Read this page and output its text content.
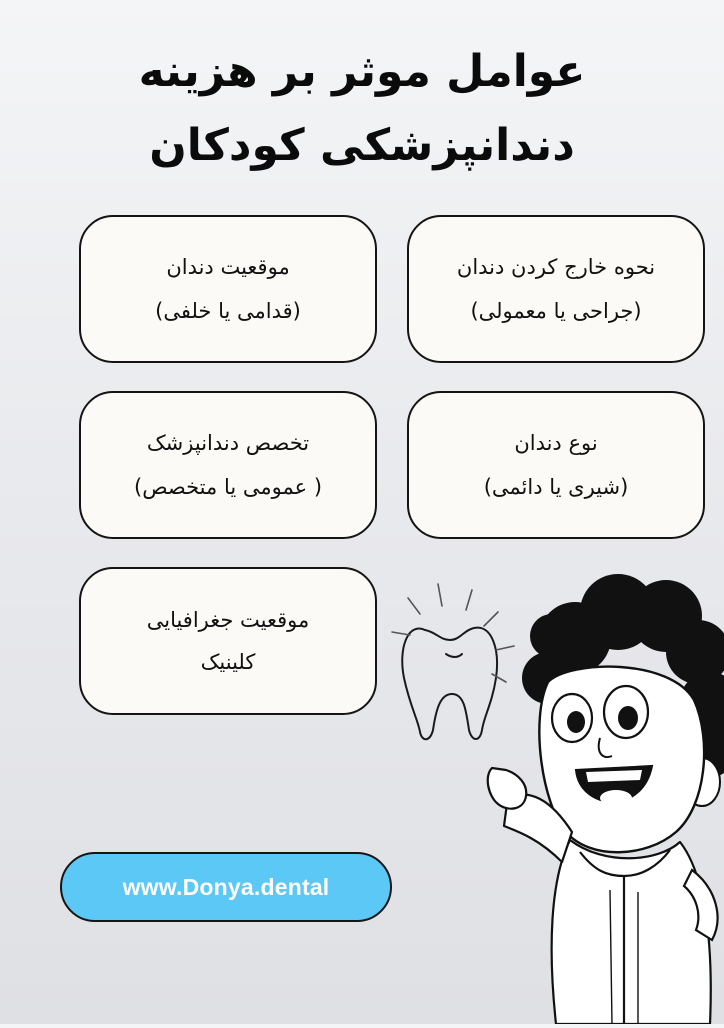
عوامل موثر بر هزینه
دندانپزشکی کودکان
موقعیت دندان
(قدامی یا خلفی)
نحوه خارج کردن دندان
(جراحی یا معمولی)
تخصص دندانپزشک
( عمومی یا متخصص)
نوع دندان
(شیری یا دائمی)
موقعیت جغرافیایی
کلینیک
www.Donya.dental
